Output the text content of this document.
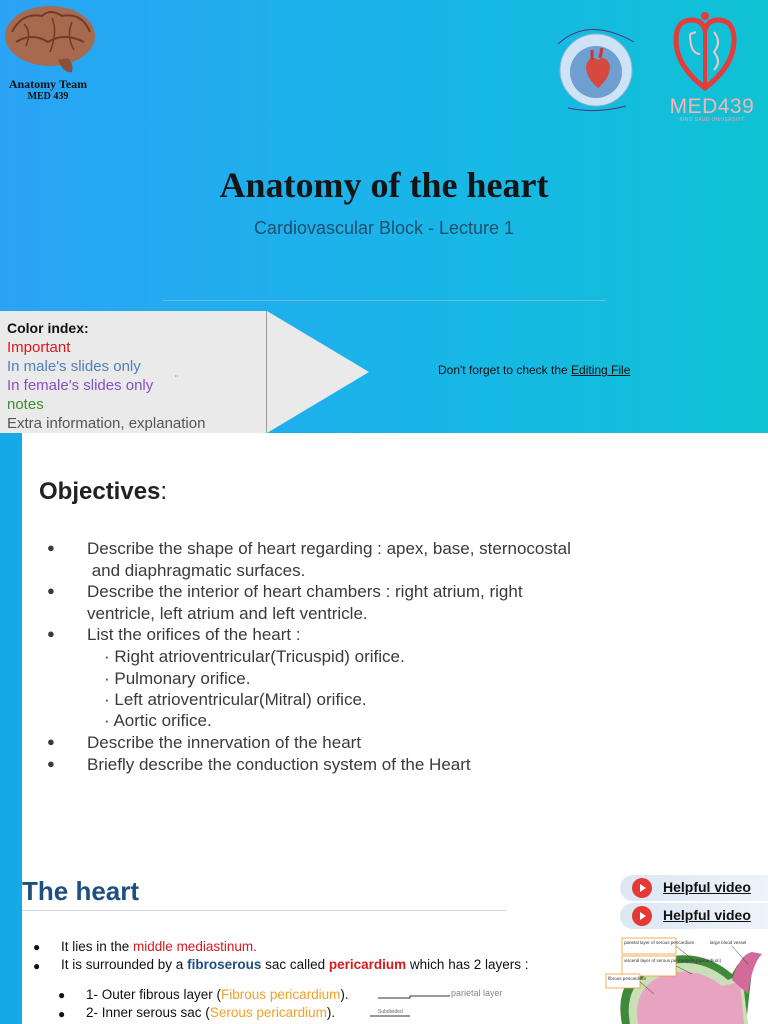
Anatomy Team
MED 439	MED439
KING SAUD UNIVERSITY
Anatomy of the heart
Cardiovascular Block - Lecture 1
Color index:
Important
In male's slides only
In female's slides only ¨
notes
Extra information, explanation
Don't forget to check the Editing File
Objectives:
● Describe the shape of heart regarding : apex, base, sternocostal
and diaphragmatic surfaces.
● Describe the interior of heart chambers : right atrium, right
ventricle, left atrium and left ventricle.
● List the orifices of the heart :
· Right atrioventricular(Tricuspid) orifice.
· Pulmonary orifice.
· Left atrioventricular(Mitral) orifice.
· Aortic orifice.
● Describe the innervation of the heart
● Briefly describe the conduction system of the Heart
The heart	Helpful video
Helpful video
● It lies in the middle mediastinum.
● It is surrounded by a fibroserous sac called pericardium which has 2 layers :
● 1- Outer fibrous layer (Fibrous pericardium).
● 2- Inner serous sac (Serous pericardium).
parietal layer
Subdivided
parietal layer of serous pericardium
visceral layer of serous pericardium (epicardium)
fibrous pericardium
large blood vessel
